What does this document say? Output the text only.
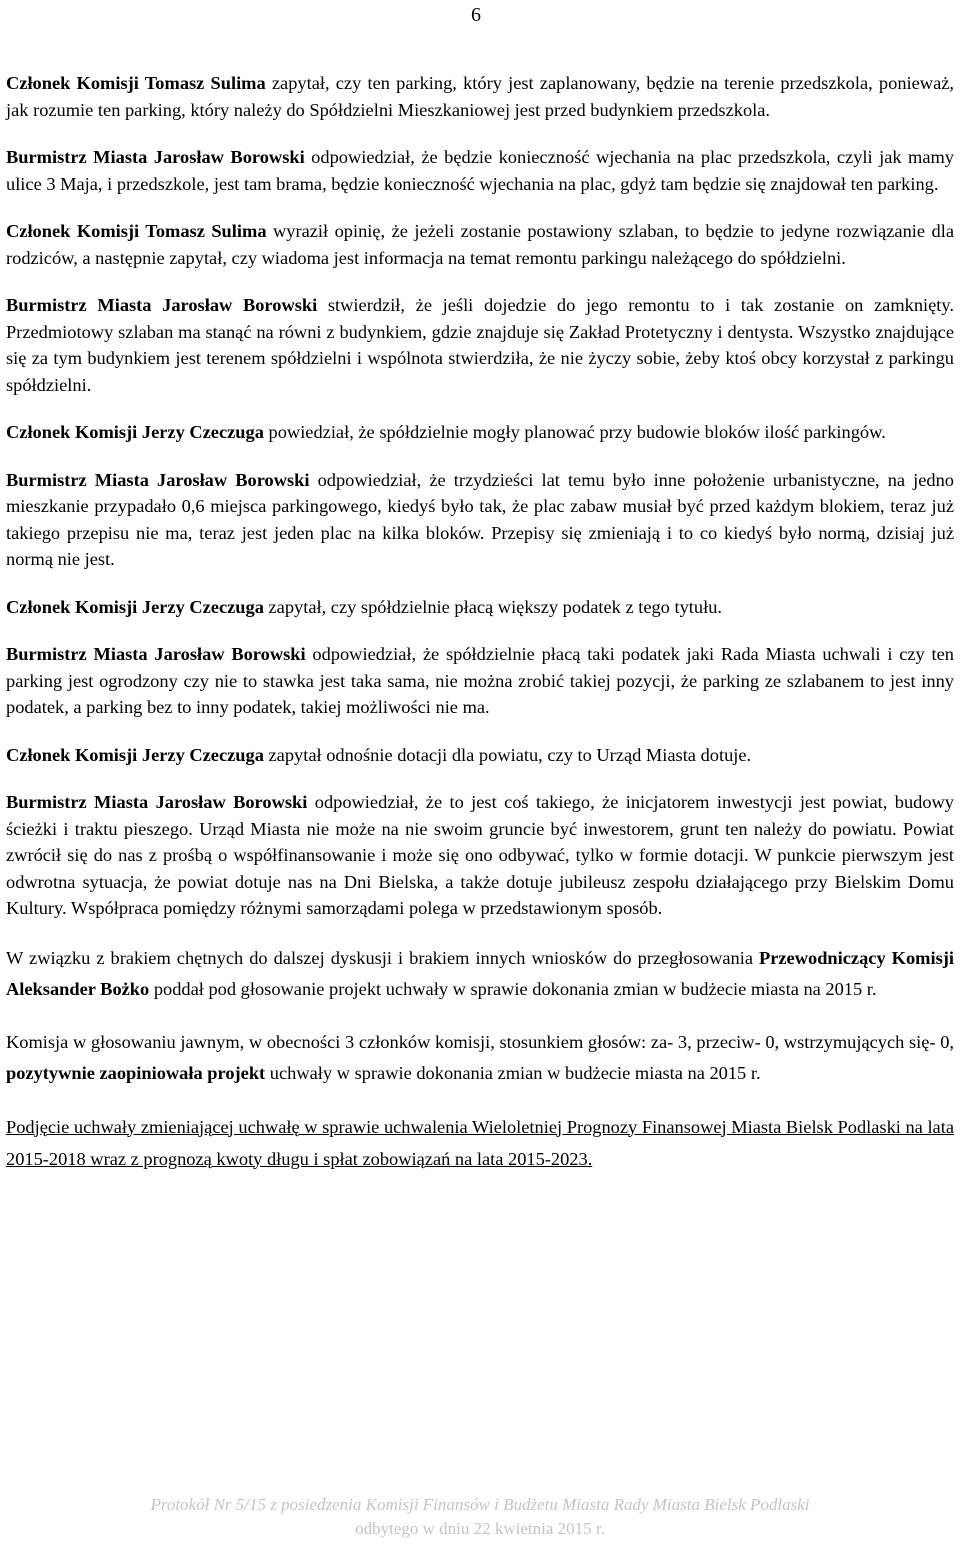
6

Członek Komisji Tomasz Sulima zapytał, czy ten parking, który jest zaplanowany, będzie na terenie przedszkola, ponieważ, jak rozumie ten parking, który należy do Spółdzielni Mieszkaniowej jest przed budynkiem przedszkola.

Burmistrz Miasta Jarosław Borowski odpowiedział, że będzie konieczność wjechania na plac przedszkola, czyli jak mamy ulice 3 Maja, i przedszkole, jest tam brama, będzie konieczność wjechania na plac, gdyż tam będzie się znajdował ten parking.

Członek Komisji Tomasz Sulima wyraził opinię, że jeżeli zostanie postawiony szlaban, to będzie to jedyne rozwiązanie dla rodziców, a następnie zapytał, czy wiadoma jest informacja na temat remontu parkingu należącego do spółdzielni.

Burmistrz Miasta Jarosław Borowski stwierdził, że jeśli dojedzie do jego remontu to i tak zostanie on zamknięty. Przedmiotowy szlaban ma stanąć na równi z budynkiem, gdzie znajduje się Zakład Protetyczny i dentysta. Wszystko znajdujące się za tym budynkiem jest terenem spółdzielni i wspólnota stwierdziła, że nie życzy sobie, żeby ktoś obcy korzystał z parkingu spółdzielni.

Członek Komisji Jerzy Czeczuga powiedział, że spółdzielnie mogły planować przy budowie bloków ilość parkingów.

Burmistrz Miasta Jarosław Borowski odpowiedział, że trzydzieści lat temu było inne położenie urbanistyczne, na jedno mieszkanie przypadało 0,6 miejsca parkingowego, kiedyś było tak, że plac zabaw musiał być przed każdym blokiem, teraz już takiego przepisu nie ma, teraz jest jeden plac na kilka bloków. Przepisy się zmieniają i to co kiedyś było normą, dzisiaj już normą nie jest.

Członek Komisji Jerzy Czeczuga zapytał, czy spółdzielnie płacą większy podatek z tego tytułu.

Burmistrz Miasta Jarosław Borowski odpowiedział, że spółdzielnie płacą taki podatek jaki Rada Miasta uchwali i czy ten parking jest ogrodzony czy nie to stawka jest taka sama, nie można zrobić takiej pozycji, że parking ze szlabanem to jest inny podatek, a parking bez to inny podatek, takiej możliwości nie ma.

Członek Komisji Jerzy Czeczuga zapytał odnośnie dotacji dla powiatu, czy to Urząd Miasta dotuje.

Burmistrz Miasta Jarosław Borowski odpowiedział, że to jest coś takiego, że inicjatorem inwestycji jest powiat, budowy ścieżki i traktu pieszego. Urząd Miasta nie może na nie swoim gruncie być inwestorem, grunt ten należy do powiatu. Powiat zwrócił się do nas z prośbą o współfinansowanie i może się ono odbywać, tylko w formie dotacji. W punkcie pierwszym jest odwrotna sytuacja, że powiat dotuje nas na Dni Bielska, a także dotuje jubileusz zespołu działającego przy Bielskim Domu Kultury. Współpraca pomiędzy różnymi samorządami polega w przedstawionym sposób.

W związku z brakiem chętnych do dalszej dyskusji i brakiem innych wniosków do przegłosowania Przewodniczący Komisji Aleksander Bożko poddał pod głosowanie projekt uchwały w sprawie dokonania zmian w budżecie miasta na 2015 r.

Komisja w głosowaniu jawnym, w obecności 3 członków komisji, stosunkiem głosów: za- 3, przeciw- 0, wstrzymujących się- 0, pozytywnie zaopiniowała projekt uchwały w sprawie dokonania zmian w budżecie miasta na 2015 r.

Podjęcie uchwały zmieniającej uchwałę w sprawie uchwalenia Wieloletniej Prognozy Finansowej Miasta Bielsk Podlaski na lata 2015-2018 wraz z prognozą kwoty długu i spłat zobowiązań na lata 2015-2023.

Protokół Nr 5/15 z posiedzenia Komisji Finansów i Budżetu Miasta Rady Miasta Bielsk Podlaski
odbytego w dniu 22 kwietnia 2015 r.
